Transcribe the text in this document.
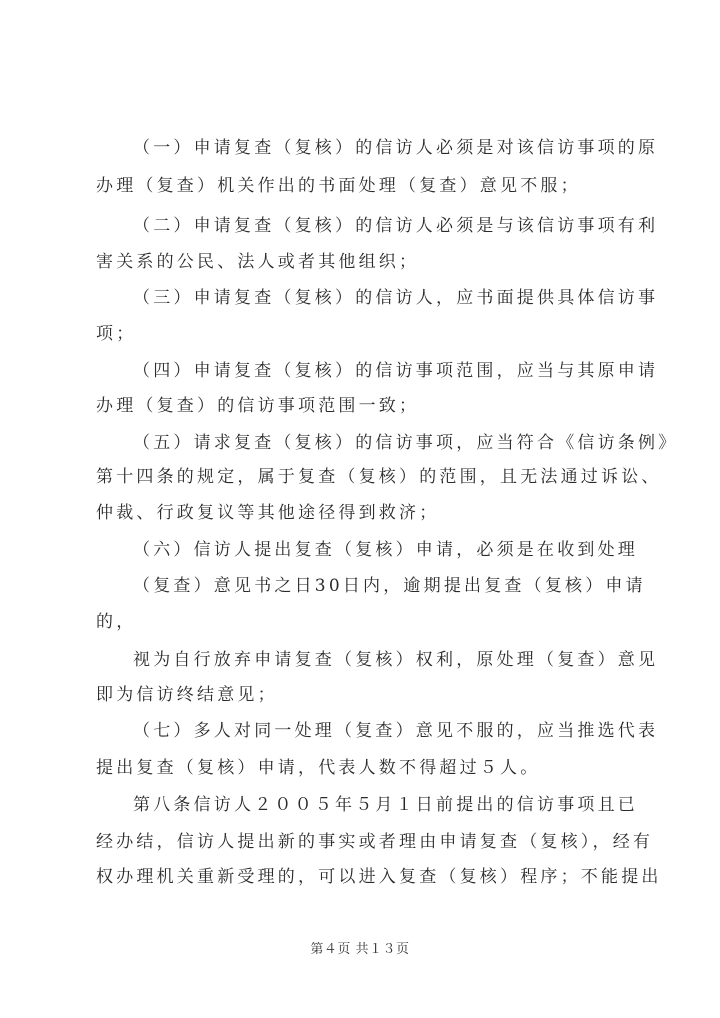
（一）申请复查（复核）的信访人必须是对该信访事项的原
办理（复查）机关作出的书面处理（复查）意见不服；
（二）申请复查（复核）的信访人必须是与该信访事项有利
害关系的公民、法人或者其他组织；
（三）申请复查（复核）的信访人，应书面提供具体信访事
项；
（四）申请复查（复核）的信访事项范围，应当与其原申请
办理（复查）的信访事项范围一致；
（五）请求复查（复核）的信访事项，应当符合《信访条例》
第十四条的规定，属于复查（复核）的范围，且无法通过诉讼、
仲裁、行政复议等其他途径得到救济；
（六）信访人提出复查（复核）申请，必须是在收到处理
（复查）意见书之日30日内，逾期提出复查（复核）申请
的，
视为自行放弃申请复查（复核）权利，原处理（复查）意见
即为信访终结意见；
（七）多人对同一处理（复查）意见不服的，应当推选代表
提出复查（复核）申请，代表人数不得超过５人。
第八条信访人２００５年５月１日前提出的信访事项且已
经办结，信访人提出新的事实或者理由申请复查（复核），经有
权办理机关重新受理的，可以进入复查（复核）程序；不能提出
第４页 共１３页
